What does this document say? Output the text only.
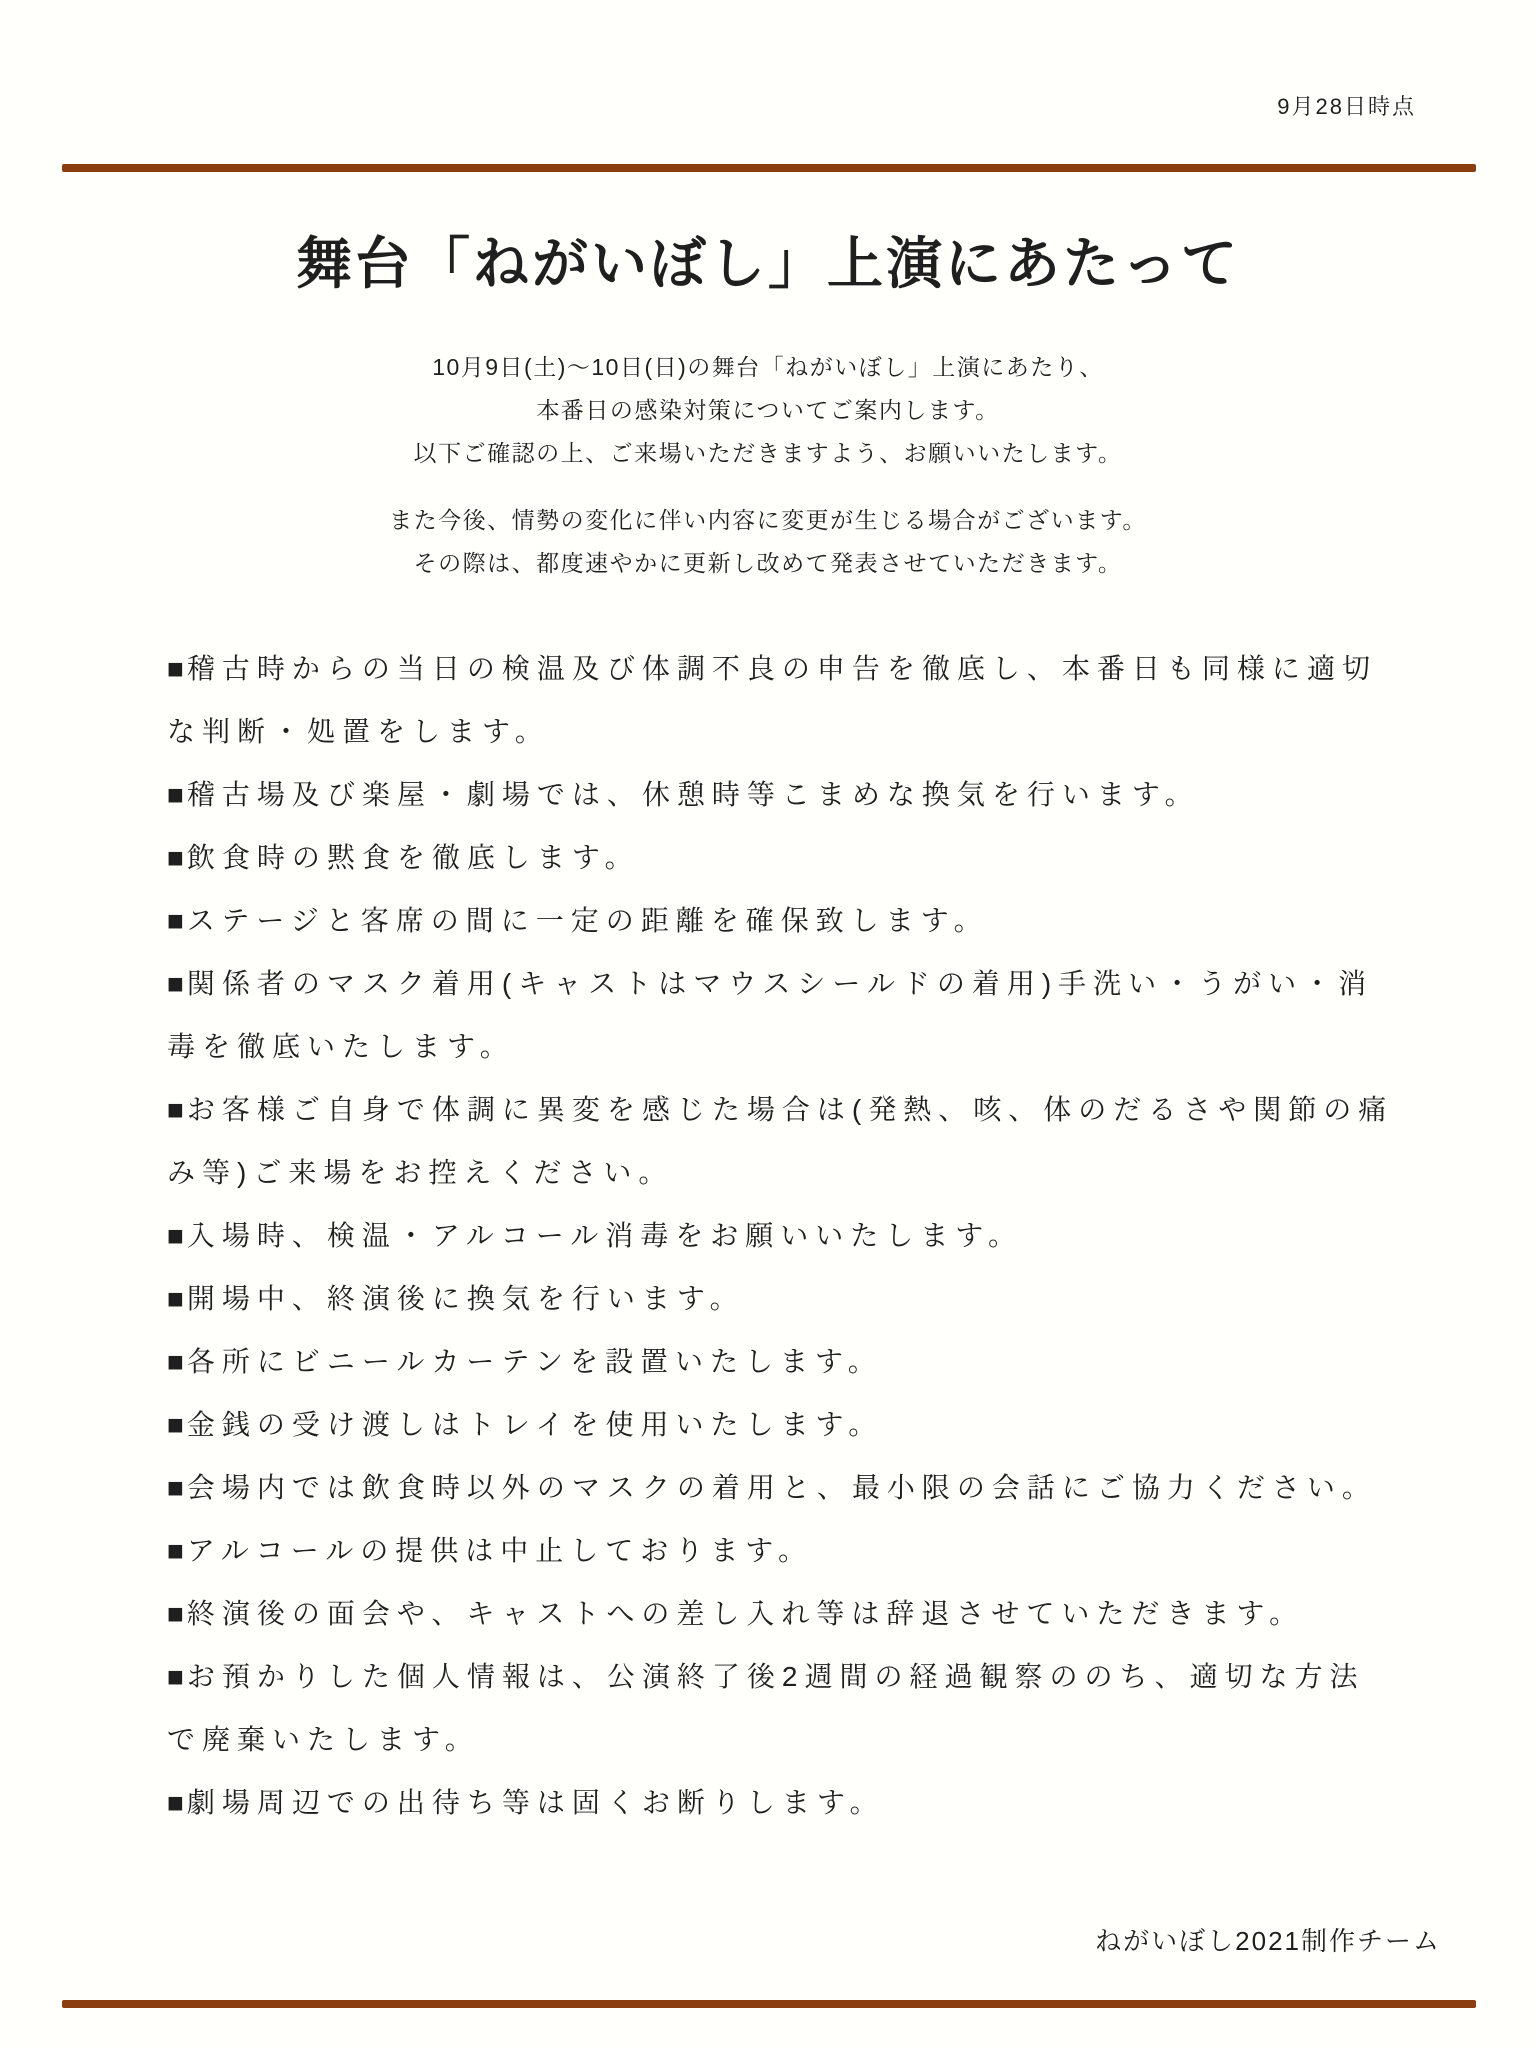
9月28日時点
舞台「ねがいぼし」上演にあたって
10月9日(土)～10日(日)の舞台「ねがいぼし」上演にあたり、
本番日の感染対策についてご案内します。
以下ご確認の上、ご来場いただきますよう、お願いいたします。
また今後、情勢の変化に伴い内容に変更が生じる場合がございます。
その際は、都度速やかに更新し改めて発表させていただきます。
■稽古時からの当日の検温及び体調不良の申告を徹底し、本番日も同様に適切な判断・処置をします。
■稽古場及び楽屋・劇場では、休憩時等こまめな換気を行います。
■飲食時の黙食を徹底します。
■ステージと客席の間に一定の距離を確保致します。
■関係者のマスク着用(キャストはマウスシールドの着用)手洗い・うがい・消毒を徹底いたします。
■お客様ご自身で体調に異変を感じた場合は(発熱、咳、体のだるさや関節の痛み等)ご来場をお控えください。
■入場時、検温・アルコール消毒をお願いいたします。
■開場中、終演後に換気を行います。
■各所にビニールカーテンを設置いたします。
■金銭の受け渡しはトレイを使用いたします。
■会場内では飲食時以外のマスクの着用と、最小限の会話にご協力ください。
■アルコールの提供は中止しております。
■終演後の面会や、キャストへの差し入れ等は辞退させていただきます。
■お預かりした個人情報は、公演終了後2週間の経過観察ののち、適切な方法で廃棄いたします。
■劇場周辺での出待ち等は固くお断りします。
ねがいぼし2021制作チーム
